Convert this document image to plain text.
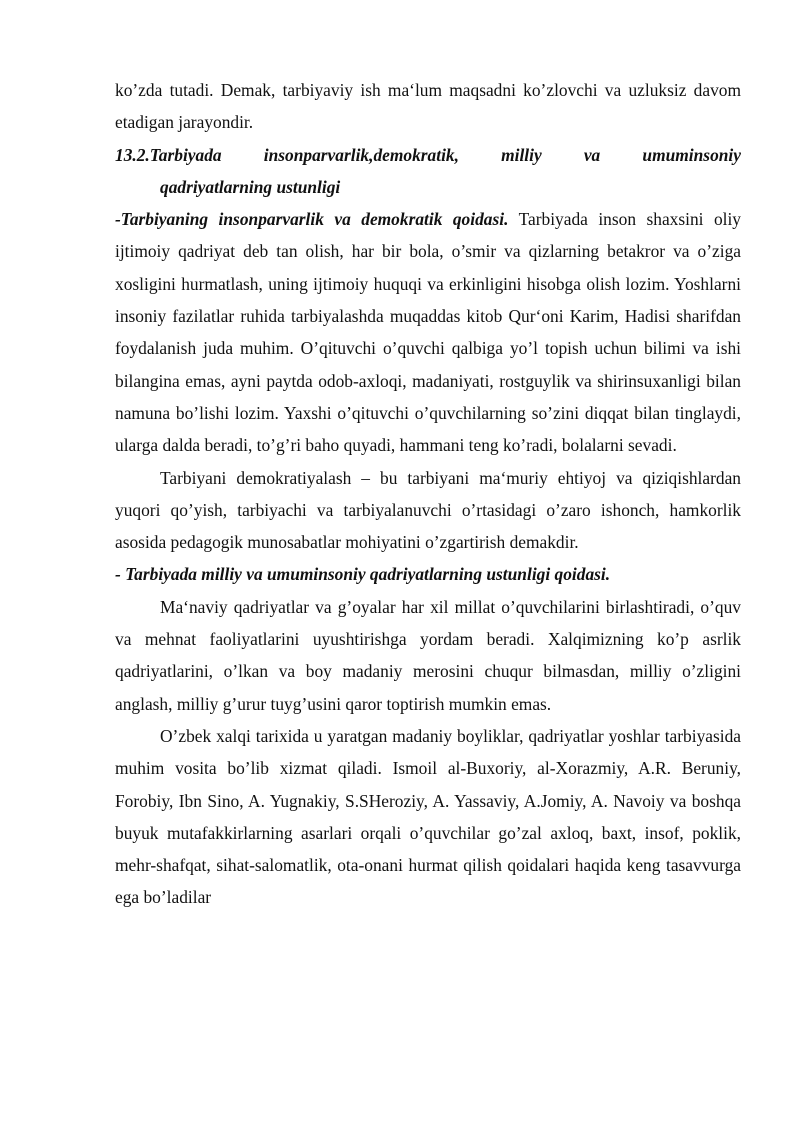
ko’zda tutadi. Demak, tarbiyaviy ish ma‘lum maqsadni ko’zlovchi va uzluksiz davom etadigan jarayondir.

13.2.Tarbiyada insonparvarlik,demokratik, milliy va umuminsoniy
qadriyatlarning ustunligi

-Tarbiyaning insonparvarlik va demokratik qoidasi. Tarbiyada inson shaxsini oliy ijtimoiy qadriyat deb tan olish, har bir bola, o’smir va qizlarning betakror va o’ziga xosligini hurmatlash, uning ijtimoiy huquqi va erkinligini hisobga olish lozim. Yoshlarni insoniy fazilatlar ruhida tarbiyalashda muqaddas kitob Qur‘oni Karim, Hadisi sharifdan foydalanish juda muhim. O’qituvchi o’quvchi qalbiga yo’l topish uchun bilimi va ishi bilangina emas, ayni paytda odob-axloqi, madaniyati, rostguylik va shirinsuxanligi bilan namuna bo’lishi lozim. Yaxshi o’qituvchi o’quvchilarning so’zini diqqat bilan tinglaydi, ularga dalda beradi, to’g’ri baho quyadi, hammani teng ko’radi, bolalarni sevadi.

Tarbiyani demokratiyalash – bu tarbiyani ma‘muriy ehtiyoj va qiziqishlardan yuqori qo’yish, tarbiyachi va tarbiyalanuvchi o’rtasidagi o’zaro ishonch, hamkorlik asosida pedagogik munosabatlar mohiyatini o’zgartirish demakdir.

- Tarbiyada milliy va umuminsoniy qadriyatlarning ustunligi qoidasi.

Ma‘naviy qadriyatlar va g’oyalar har xil millat o’quvchilarini birlashtiradi, o’quv va mehnat faoliyatlarini uyushtirishga yordam beradi. Xalqimizning ko’p asrlik qadriyatlarini, o’lkan va boy madaniy merosini chuqur bilmasdan, milliy o’zligini anglash, milliy g’urur tuyg’usini qaror toptirish mumkin emas.

O’zbek xalqi tarixida u yaratgan madaniy boyliklar, qadriyatlar yoshlar tarbiyasida muhim vosita bo’lib xizmat qiladi. Ismoil al-Buxoriy, al-Xorazmiy, A.R. Beruniy, Forobiy, Ibn Sino, A. Yugnakiy, S.SHeroziy, A. Yassaviy, A.Jomiy, A. Navoiy va boshqa buyuk mutafakkirlarning asarlari orqali o’quvchilar go’zal axloq, baxt, insof, poklik, mehr-shafqat, sihat-salomatlik, ota-onani hurmat qilish qoidalari haqida keng tasavvurga ega bo’ladilar
